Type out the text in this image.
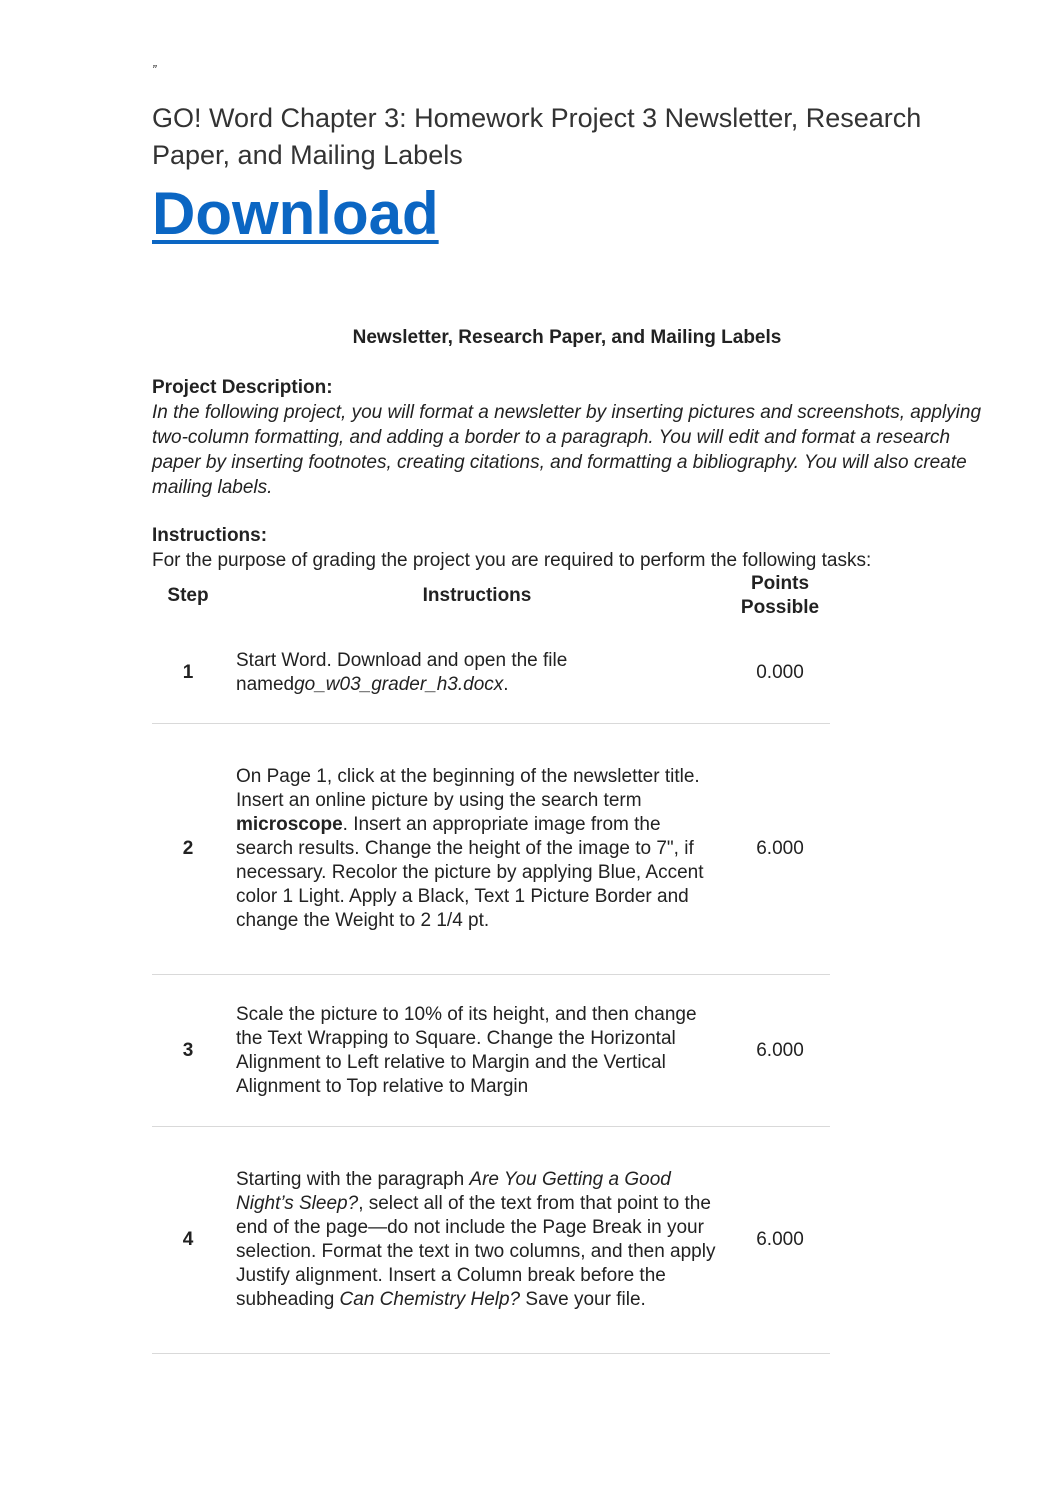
”
GO! Word Chapter 3: Homework Project 3 Newsletter, Research Paper, and Mailing Labels
Download
Newsletter, Research Paper, and Mailing Labels
Project Description:
In the following project, you will format a newsletter by inserting pictures and screenshots, applying two-column formatting, and adding a border to a paragraph. You will edit and format a research paper by inserting footnotes, creating citations, and formatting a bibliography. You will also create mailing labels.
Instructions:
For the purpose of grading the project you are required to perform the following tasks:
Step	Instructions	Points
Possible

1	Start Word. Download and open the file namedgo_w03_grader_h3.docx.	0.000
2	On Page 1, click at the beginning of the newsletter title. Insert an online picture by using the search term microscope. Insert an appropriate image from the search results. Change the height of the image to 7", if necessary. Recolor the picture by applying Blue, Accent color 1 Light. Apply a Black, Text 1 Picture Border and change the Weight to 2 1/4 pt.	6.000
3	Scale the picture to 10% of its height, and then change the Text Wrapping to Square. Change the Horizontal Alignment to Left relative to Margin and the Vertical Alignment to Top relative to Margin	6.000
4	Starting with the paragraph Are You Getting a Good Night’s Sleep?, select all of the text from that point to the end of the page—do not include the Page Break in your selection. Format the text in two columns, and then apply Justify alignment. Insert a Column break before the subheading Can Chemistry Help? Save your file.	6.000
